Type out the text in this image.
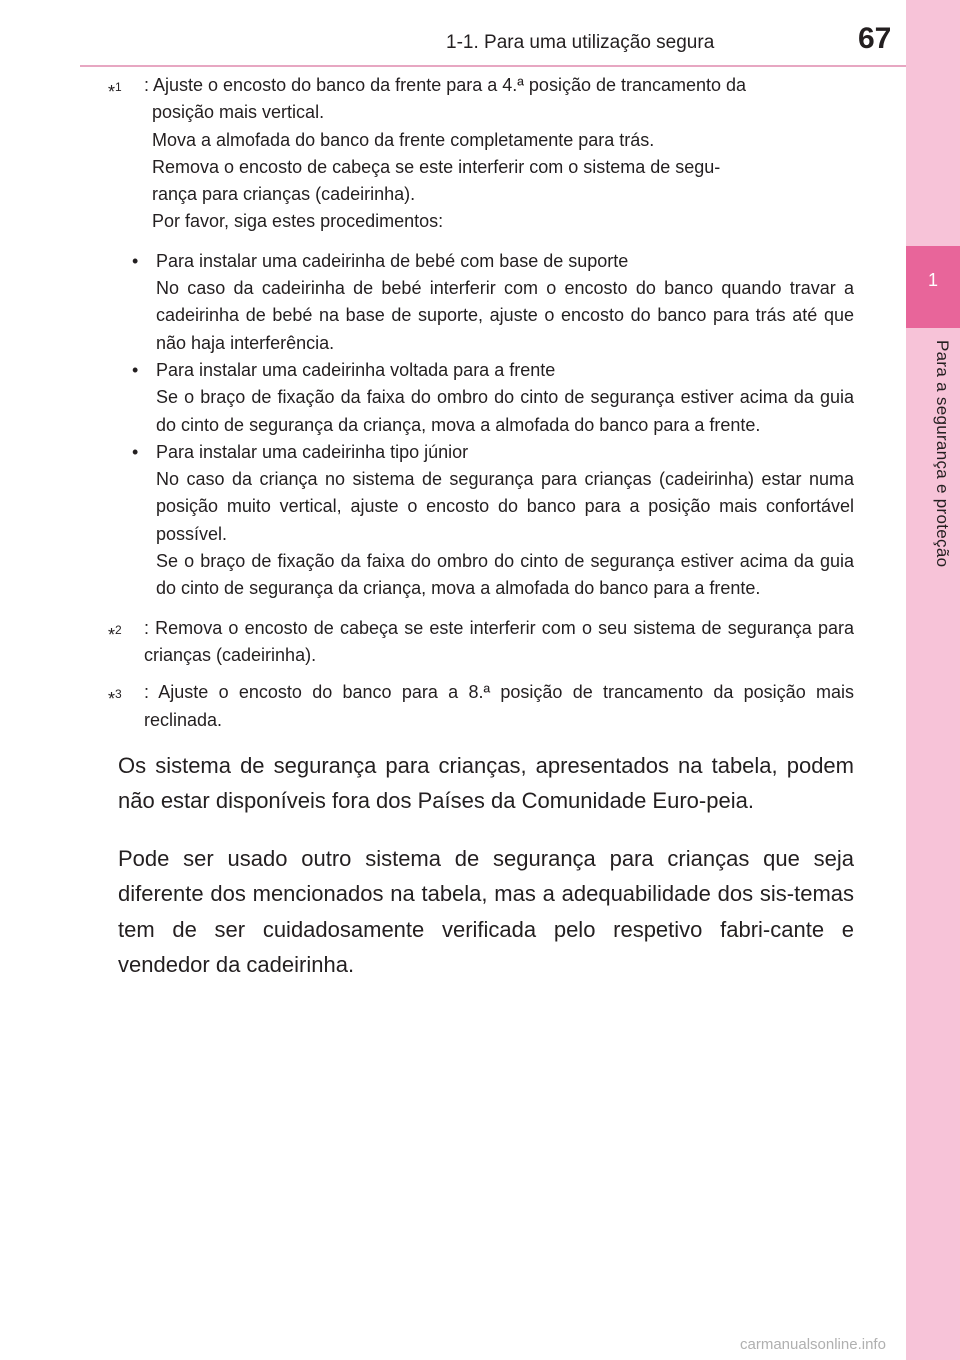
1
Para a segurança e proteção
1-1. Para uma utilização segura	67
*$^1$ : Ajuste o encosto do banco da frente para a 4.ª posição de trancamento da
posição mais vertical.
Mova a almofada do banco da frente completamente para trás.
Remova o encosto de cabeça se este interferir com o sistema de segu-
rança para crianças (cadeirinha).
Por favor, siga estes procedimentos:
• Para instalar uma cadeirinha de bebé com base de suporte
No caso da cadeirinha de bebé interferir com o encosto do banco quando travar a cadeirinha de bebé na base de suporte, ajuste o encosto do banco para trás até que não haja interferência.
• Para instalar uma cadeirinha voltada para a frente
Se o braço de fixação da faixa do ombro do cinto de segurança estiver acima da guia do cinto de segurança da criança, mova a almofada do banco para a frente.
• Para instalar uma cadeirinha tipo júnior
No caso da criança no sistema de segurança para crianças (cadeirinha) estar numa posição muito vertical, ajuste o encosto do banco para a posição mais confortável possível.
Se o braço de fixação da faixa do ombro do cinto de segurança estiver acima da guia do cinto de segurança da criança, mova a almofada do banco para a frente.
*$^2$	: Remova o encosto de cabeça se este interferir com o seu sistema de segurança para crianças (cadeirinha).
*$^3$	: Ajuste o encosto do banco para a 8.ª posição de trancamento da posição mais reclinada.

Os sistema de segurança para crianças, apresentados na tabela, podem não estar disponíveis fora dos Países da Comunidade Euro-peia.

Pode ser usado outro sistema de segurança para crianças que seja diferente dos mencionados na tabela, mas a adequabilidade dos sis-temas tem de ser cuidadosamente verificada pelo respetivo fabri-cante e vendedor da cadeirinha.

carmanualsonline.info
